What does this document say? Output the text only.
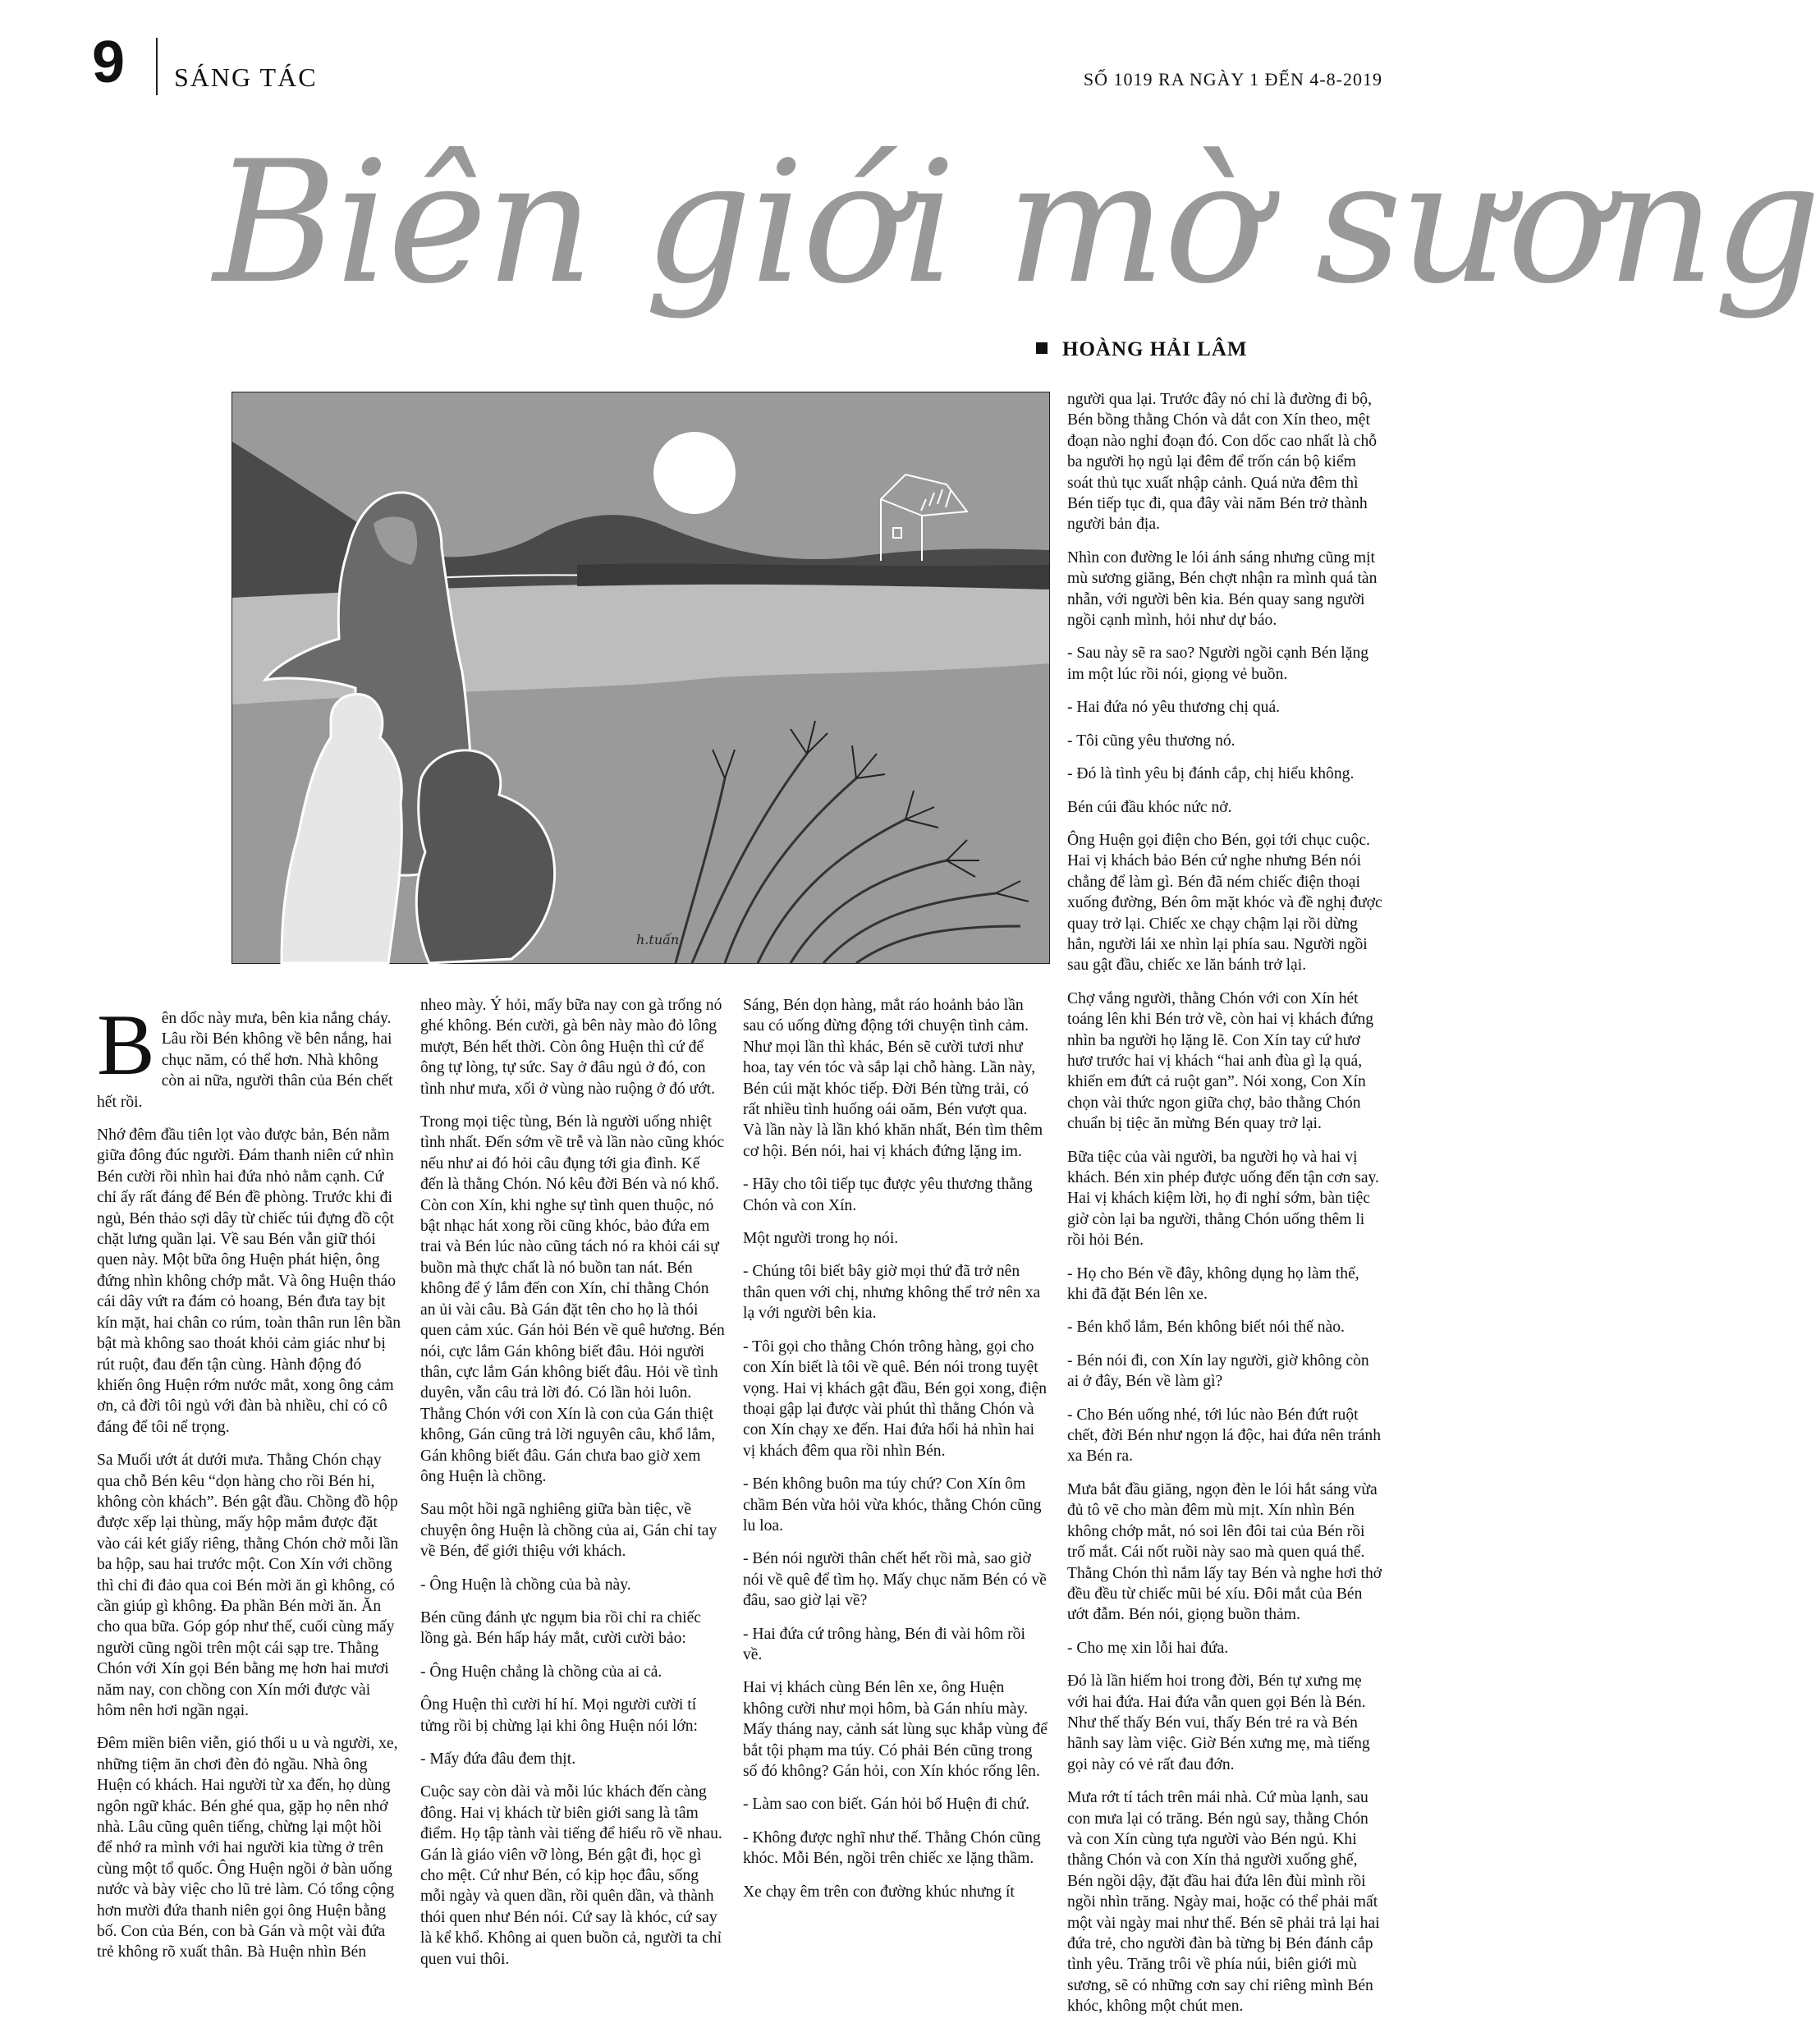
9 SÁNG TÁC	SỐ 1019 RA NGÀY 1 ĐẾN 4-8-2019
Biên giới mờ sương
HOÀNG HẢI LÂM
h.tuấn

Bên dốc này mưa, bên kia nắng cháy. Lâu rồi Bén không về bên nắng, hai chục năm, có thể hơn. Nhà không còn ai nữa, người thân của Bén chết hết rồi.

Nhớ đêm đầu tiên lọt vào được bản, Bén nằm giữa đông đúc người. Đám thanh niên cứ nhìn Bén cười rồi nhìn hai đứa nhỏ nằm cạnh. Cứ chỉ ấy rất đáng để Bén đề phòng. Trước khi đi ngủ, Bén thảo sợi dây từ chiếc túi đựng đồ cột chặt lưng quần lại. Về sau Bén vẫn giữ thói quen này. Một bữa ông Huện phát hiện, ông đứng nhìn không chớp mắt. Và ông Huện tháo cái dây vứt ra đám cỏ hoang, Bén đưa tay bịt kín mặt, hai chân co rúm, toàn thân run lên bần bật mà không sao thoát khỏi cảm giác như bị rút ruột, đau đến tận cùng. Hành động đó khiến ông Huện rớm nước mắt, xong ông cảm ơn, cả đời tôi ngủ với đàn bà nhiều, chỉ có cô đáng để tôi nể trọng.

Sa Muối ướt át dưới mưa. Thằng Chón chạy qua chỗ Bén kêu “dọn hàng cho rồi Bén hi, không còn khách”. Bén gật đầu. Chồng đồ hộp được xếp lại thùng, mấy hộp mắm được đặt vào cái két giấy riêng, thằng Chón chở mỗi lần ba hộp, sau hai trước một. Con Xín với chồng thì chỉ đi đảo qua coi Bén mời ăn gì không, có cần giúp gì không. Đa phần Bén mời ăn. Ăn cho qua bữa. Góp góp như thế, cuối cùng mấy người cũng ngồi trên một cái sạp tre. Thằng Chón với Xín gọi Bén bằng mẹ hơn hai mươi năm nay, con chồng con Xín mới được vài hôm nên hơi ngần ngại.

Đêm miền biên viễn, gió thổi u u và người, xe, những tiệm ăn chơi đèn đỏ ngầu. Nhà ông Huện có khách. Hai người từ xa đến, họ dùng ngôn ngữ khác. Bén ghé qua, gặp họ nên nhớ nhà. Lâu cũng quên tiếng, chừng lại một hồi để nhớ ra mình với hai người kia từng ở trên cùng một tổ quốc. Ông Huện ngồi ở bàn uống nước và bày việc cho lũ trẻ làm. Có tổng cộng hơn mười đứa thanh niên gọi ông Huện bằng bố. Con của Bén, con bà Gán và một vài đứa trẻ không rõ xuất thân. Bà Huện nhìn Bén

nheo mày. Ý hỏi, mấy bữa nay con gà trống nó ghé không. Bén cười, gà bên này mào đỏ lông mượt, Bén hết thời. Còn ông Huện thì cứ để ông tự lòng, tự sức. Say ở đâu ngủ ở đó, con tình như mưa, xối ở vùng nào ruộng ở đó ướt.

Trong mọi tiệc tùng, Bén là người uống nhiệt tình nhất. Đến sớm về trễ và lần nào cũng khóc nếu như ai đó hỏi câu đụng tới gia đình. Kế đến là thằng Chón. Nó kêu đời Bén và nó khổ. Còn con Xín, khi nghe sự tình quen thuộc, nó bật nhạc hát xong rồi cũng khóc, bảo đứa em trai và Bén lúc nào cũng tách nó ra khỏi cái sự buồn mà thực chất là nó buồn tan nát. Bén không để ý lắm đến con Xín, chỉ thằng Chón an ủi vài câu. Bà Gán đặt tên cho họ là thói quen cảm xúc. Gán hỏi Bén về quê hương. Bén nói, cực lắm Gán không biết đâu. Hỏi người thân, cực lắm Gán không biết đâu. Hỏi về tình duyên, vẫn câu trả lời đó. Có lần hỏi luôn. Thằng Chón với con Xín là con của Gán thiệt không, Gán cũng trả lời nguyên câu, khổ lắm, Gán không biết đâu. Gán chưa bao giờ xem ông Huện là chồng.

Sau một hồi ngã nghiêng giữa bàn tiệc, về chuyện ông Huện là chồng của ai, Gán chỉ tay về Bén, để giới thiệu với khách.

- Ông Huện là chồng của bà này.

Bén cũng đánh ực ngụm bia rồi chỉ ra chiếc lồng gà. Bén hấp háy mắt, cười cười bảo:

- Ông Huện chẳng là chồng của ai cả.

Ông Huện thì cười hí hí. Mọi người cười tí tửng rồi bị chừng lại khi ông Huện nói lớn:

- Mấy đứa đâu đem thịt.

Cuộc say còn dài và mỗi lúc khách đến càng đông. Hai vị khách từ biên giới sang là tâm điểm. Họ tập tành vài tiếng để hiểu rõ về nhau. Gán là giáo viên vỡ lòng, Bén gật đi, học gì cho mệt. Cứ như Bén, có kịp học đâu, sống mỗi ngày và quen dần, rồi quên dần, và thành thói quen như Bén nói. Cứ say là khóc, cứ say là kể khổ. Không ai quen buồn cả, người ta chỉ quen vui thôi.

Sáng, Bén dọn hàng, mắt ráo hoảnh bảo lần sau có uống đừng động tới chuyện tình cảm. Như mọi lần thì khác, Bén sẽ cười tươi như hoa, tay vén tóc và sắp lại chỗ hàng. Lần này, Bén cúi mặt khóc tiếp. Đời Bén từng trải, có rất nhiều tình huống oái oăm, Bén vượt qua. Và lần này là lần khó khăn nhất, Bén tìm thêm cơ hội. Bén nói, hai vị khách đứng lặng im.

- Hãy cho tôi tiếp tục được yêu thương thằng Chón và con Xín.

Một người trong họ nói.

- Chúng tôi biết bây giờ mọi thứ đã trở nên thân quen với chị, nhưng không thể trở nên xa lạ với người bên kia.

- Tôi gọi cho thằng Chón trông hàng, gọi cho con Xín biết là tôi về quê. Bén nói trong tuyệt vọng. Hai vị khách gật đầu, Bén gọi xong, điện thoại gập lại được vài phút thì thằng Chón và con Xín chạy xe đến. Hai đứa hổi hả nhìn hai vị khách đêm qua rồi nhìn Bén.

- Bén không buôn ma túy chứ? Con Xín ôm chầm Bén vừa hỏi vừa khóc, thằng Chón cũng lu loa.

- Bén nói người thân chết hết rồi mà, sao giờ nói về quê để tìm họ. Mấy chục năm Bén có về đâu, sao giờ lại về?

- Hai đứa cứ trông hàng, Bén đi vài hôm rồi về.

Hai vị khách cùng Bén lên xe, ông Huện không cười như mọi hôm, bà Gán nhíu mày. Mấy tháng nay, cảnh sát lùng sục khắp vùng để bắt tội phạm ma túy. Có phải Bén cũng trong số đó không? Gán hỏi, con Xín khóc rống lên.

- Làm sao con biết. Gán hỏi bố Huện đi chứ.

- Không được nghĩ như thế. Thằng Chón cũng khóc. Mỗi Bén, ngồi trên chiếc xe lặng thầm.

Xe chạy êm trên con đường khúc nhưng ít

người qua lại. Trước đây nó chỉ là đường đi bộ, Bén bồng thằng Chón và dắt con Xín theo, mệt đoạn nào nghỉ đoạn đó. Con dốc cao nhất là chỗ ba người họ ngủ lại đêm để trốn cán bộ kiểm soát thủ tục xuất nhập cảnh. Quá nửa đêm thì Bén tiếp tục đi, qua đây vài năm Bén trở thành người bản địa.

Nhìn con đường le lói ánh sáng nhưng cũng mịt mù sương giăng, Bén chợt nhận ra mình quá tàn nhẫn, với người bên kia. Bén quay sang người ngồi cạnh mình, hỏi như dự báo.

- Sau này sẽ ra sao? Người ngồi cạnh Bén lặng im một lúc rồi nói, giọng vẻ buồn.

- Hai đứa nó yêu thương chị quá.

- Tôi cũng yêu thương nó.

- Đó là tình yêu bị đánh cắp, chị hiểu không.

Bén cúi đầu khóc nức nở.

Ông Huện gọi điện cho Bén, gọi tới chục cuộc. Hai vị khách bảo Bén cứ nghe nhưng Bén nói chẳng để làm gì. Bén đã ném chiếc điện thoại xuống đường, Bén ôm mặt khóc và đề nghị được quay trở lại. Chiếc xe chạy chậm lại rồi dừng hẳn, người lái xe nhìn lại phía sau. Người ngồi sau gật đầu, chiếc xe lăn bánh trở lại.

Chợ vắng người, thằng Chón với con Xín hét toáng lên khi Bén trở về, còn hai vị khách đứng nhìn ba người họ lặng lẽ. Con Xín tay cứ hươ hươ trước hai vị khách “hai anh đùa gì lạ quá, khiến em đứt cả ruột gan”. Nói xong, Con Xín chọn vài thức ngon giữa chợ, bảo thằng Chón chuẩn bị tiệc ăn mừng Bén quay trở lại.

Bữa tiệc của vài người, ba người họ và hai vị khách. Bén xin phép được uống đến tận cơn say. Hai vị khách kiệm lời, họ đi nghỉ sớm, bàn tiệc giờ còn lại ba người, thằng Chón uống thêm li rồi hỏi Bén.

- Họ cho Bén về đây, không dụng họ làm thế, khi đã đặt Bén lên xe.

- Bén khổ lắm, Bén không biết nói thế nào.

- Bén nói đi, con Xín lay người, giờ không còn ai ở đây, Bén về làm gì?

- Cho Bén uống nhé, tới lúc nào Bén đứt ruột chết, đời Bén như ngọn lá độc, hai đứa nên tránh xa Bén ra.

Mưa bắt đầu giăng, ngọn đèn le lói hắt sáng vừa đủ tô vẽ cho màn đêm mù mịt. Xín nhìn Bén không chớp mắt, nó soi lên đôi tai của Bén rồi trố mắt. Cái nốt ruồi này sao mà quen quá thể. Thằng Chón thì nắm lấy tay Bén và nghe hơi thở đều đều từ chiếc mũi bé xíu. Đôi mắt của Bén ướt đẫm. Bén nói, giọng buồn thảm.

- Cho mẹ xin lỗi hai đứa.

Đó là lần hiếm hoi trong đời, Bén tự xưng mẹ với hai đứa. Hai đứa vẫn quen gọi Bén là Bén. Như thế thấy Bén vui, thấy Bén trẻ ra và Bén hãnh say làm việc. Giờ Bén xưng mẹ, mà tiếng gọi này có vẻ rất đau đớn.

Mưa rớt tí tách trên mái nhà. Cứ mùa lạnh, sau con mưa lại có trăng. Bén ngủ say, thằng Chón và con Xín cùng tựa người vào Bén ngủ. Khi thằng Chón và con Xín thả người xuống ghế, Bén ngồi dậy, đặt đầu hai đứa lên đùi mình rồi ngồi nhìn trăng. Ngày mai, hoặc có thể phải mất một vài ngày mai như thế. Bén sẽ phải trả lại hai đứa trẻ, cho người đàn bà từng bị Bén đánh cắp tình yêu. Trăng trôi về phía núi, biên giới mù sương, sẽ có những cơn say chỉ riêng mình Bén khóc, không một chút men.
